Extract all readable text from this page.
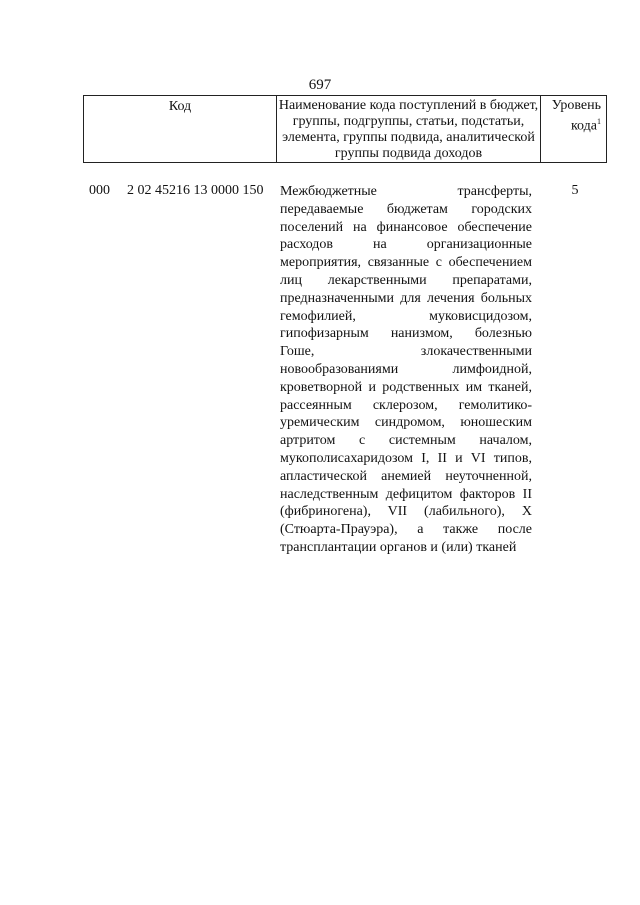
697
Код	Наименование кода поступлений в бюджет, группы, подгруппы, статьи, подстатьи, элемента, группы подвида, аналитической группы подвида доходов
Уровень кода$^1$
000 2 02 45216 13 0000 150 Межбюджетные трансферты, передаваемые бюджетам городских поселений на финансовое обеспечение расходов на организационные мероприятия, связанные с обеспечением лиц лекарственными препаратами, предназначенными для лечения больных гемофилией, муковисцидозом, гипофизарным нанизмом, болезнью Гоше, злокачественными новообразованиями лимфоидной, кроветворной и родственных им тканей, рассеянным склерозом, гемолитико-уремическим синдромом, юношеским артритом с системным началом, мукополисахаридозом I, II и VI типов, апластической анемией неуточненной, наследственным дефицитом факторов II (фибриногена), VII (лабильного), X (Стюарта-Прауэра), а также после трансплантации органов и (или) тканей
5
